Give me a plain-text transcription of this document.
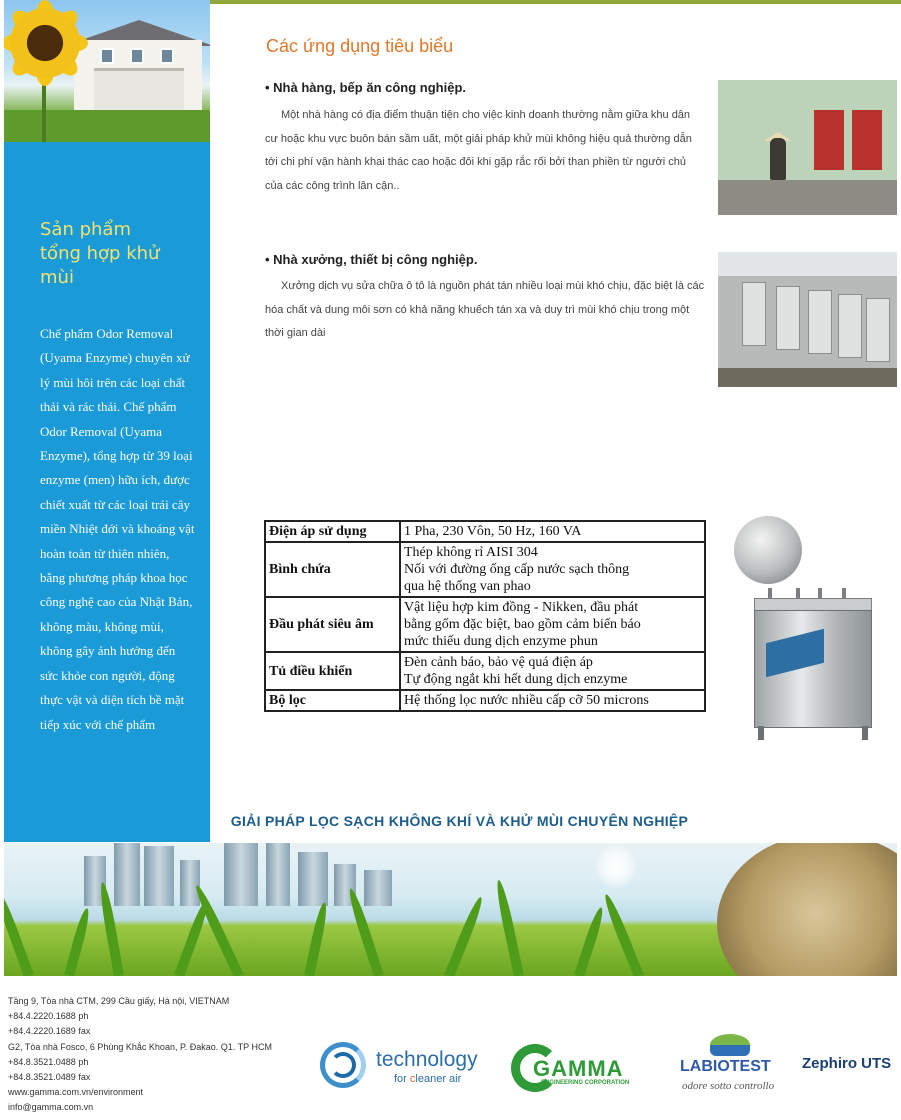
Sản phẩm
tổng hợp khử
mùi
Chế phẩm Odor Removal (Uyama Enzyme) chuyên xử lý mùi hôi trên các loại chất thải và rác thải. Chế phẩm Odor Removal (Uyama Enzyme), tổng hợp từ 39 loại enzyme (men) hữu ích, được chiết xuất từ các loại trái cây miền Nhiệt đới và khoáng vật hoàn toàn từ thiên nhiên, bằng phương pháp khoa học công nghệ cao của Nhật Bản, không màu, không mùi, không gây ảnh hưởng đến sức khỏe con người, động thực vật và diện tích bề mặt tiếp xúc với chế phẩm
Các ứng dụng tiêu biểu
• Nhà hàng, bếp ăn công nghiệp.
Một nhà hàng có địa điểm thuận tiện cho việc kinh doanh thường nằm giữa khu dân cư hoặc khu vực buôn bán sầm uất, một giải pháp khử mùi không hiệu quả thường dẫn tới chi phí vận hành khai thác cao hoặc đôi khi gặp rắc rối bởi than phiền từ người chủ của các công trình lân cận..
• Nhà xưởng, thiết bị công nghiệp.
Xưởng dịch vụ sửa chữa ô tô là nguồn phát tán nhiều loại mùi khó chịu, đặc biệt là các hóa chất và dung môi sơn có khả năng khuếch tán xa và duy trì mùi khó chịu trong một thời gian dài
Điện áp sử dụng	1 Pha, 230 Vôn, 50 Hz, 160 VA
Bình chứa	Thép không rỉ AISI 304
Nối với đường ống cấp nước sạch thông
qua hệ thống van phao
Đầu phát siêu âm	Vật liệu hợp kim đồng - Nikken, đầu phát
bằng gốm đặc biệt, bao gồm cảm biến báo
mức thiếu dung dịch enzyme phun
Tủ điều khiển	Đèn cảnh báo, bảo vệ quá điện áp
Tự động ngắt khi hết dung dịch enzyme
Bộ lọc	Hệ thống lọc nước nhiều cấp cỡ 50 microns
GIẢI PHÁP LỌC SẠCH KHÔNG KHÍ VÀ KHỬ MÙI CHUYÊN NGHIỆP
Tầng 9, Tòa nhà CTM, 299 Cầu giấy, Hà nội, VIETNAM
+84.4.2220.1688 ph
+84.4.2220.1689 fax
G2, Tòa nhà Fosco, 6 Phùng Khắc Khoan, P. Đakao. Q1. TP HCM
+84.8.3521.0488 ph
+84.8.3521.0489 fax
www.gamma.com.vn/environment
info@gamma.com.vn
technology
for cleaner air	GAMMA
ENGINEERING CORPORATION
LABIOTEST
odore sotto controllo
Zephiro UTS
